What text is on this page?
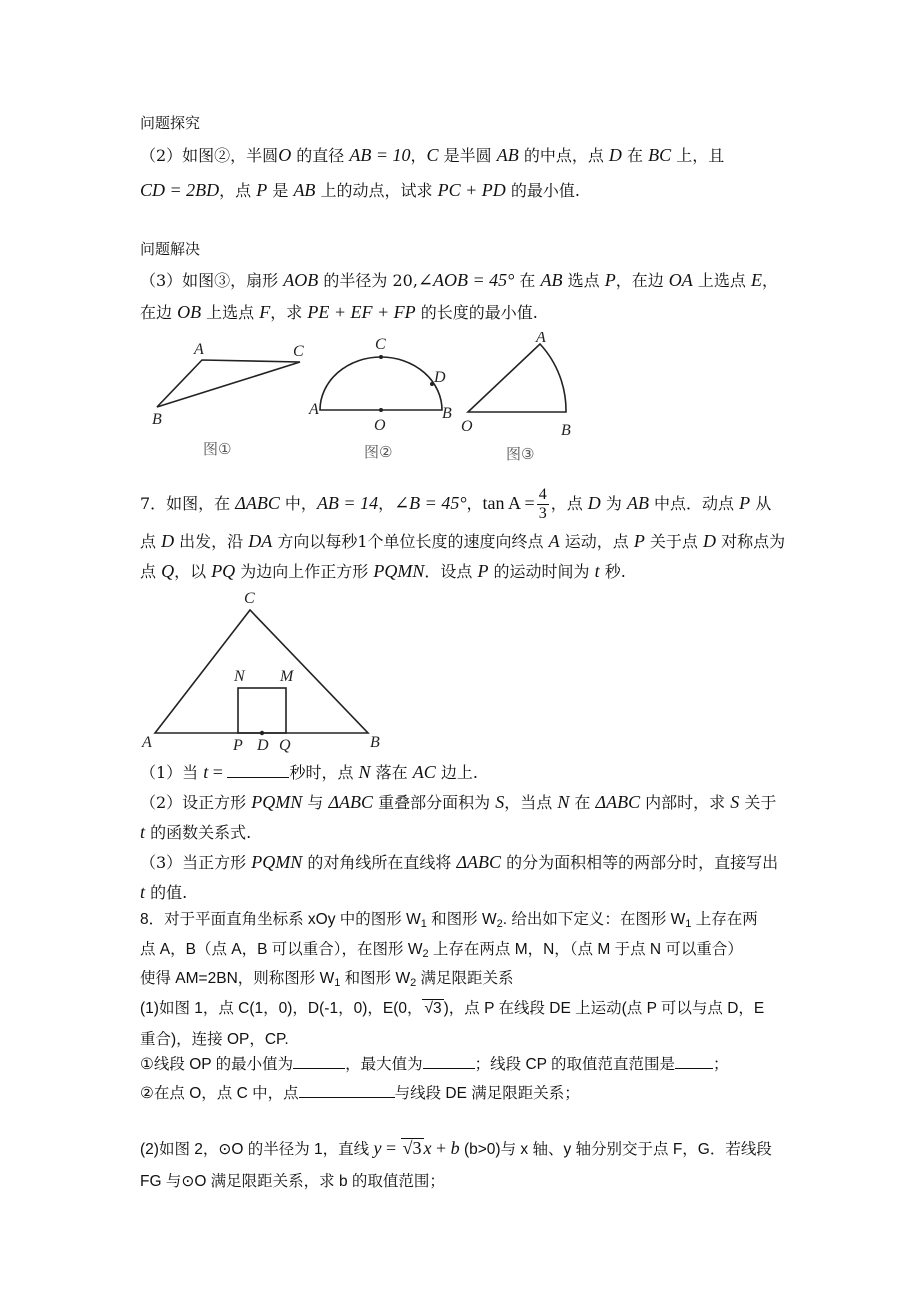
问题探究
（2）如图②，半圆O 的直径 AB = 10，C 是半圆 AB 的中点，点 D 在 BC 上，且
CD = 2BD，点 P 是 AB 上的动点，试求 PC + PD 的最小值.
问题解决
（3）如图③，扇形 AOB 的半径为 20,∠AOB = 45° 在 AB 选点 P，在边 OA 上选点 E，
在边 OB 上选点 F，求 PE + EF + FP 的长度的最小值.
A	C
B
图①
C
D
A
O
B
图②
A
O	B
图③
7．如图，在 ΔABC 中，AB = 14，∠B = 45°，$\tan A = \frac{4}{3}$ ，点 D 为 AB 中点．动点 P 从
点 D 出发，沿 DA 方向以每秒1个单位长度的速度向终点 A 运动，点 P 关于点 D 对称点为
点 Q，以 PQ 为边向上作正方形 PQMN．设点 P 的运动时间为 t 秒.
C
N M
A	P D Q	B
（1）当 t =	秒时，点 N 落在 AC 边上.
（2）设正方形 PQMN 与 ΔABC 重叠部分面积为 S，当点 N 在 ΔABC 内部时，求 S 关于
t 的函数关系式.
（3）当正方形 PQMN 的对角线所在直线将 ΔABC 的分为面积相等的两部分时，直接写出
t 的值.
8．对于平面直角坐标系 xOy 中的图形 $W_1$ 和图形 $W_2$. 给出如下定义：在图形 $W_1$ 上存在两
点 A，B（点 A，B 可以重合），在图形 $W_2$ 上存在两点 M，N，（点 M 于点 N 可以重合）
使得 AM=2BN，则称图形 $W_1$ 和图形 $W_2$ 满足限距关系
(1)如图 1，点 C(1，0)，D(-1，0)，E(0， √3 )，点 P 在线段 DE 上运动(点 P 可以与点 D，E
重合)，连接 OP，CP.
①线段 OP 的最小值为	，最大值为	；线段 CP 的取值范直范围是 ；
②在点 O，点 C 中，点	与线段 DE 满足限距关系；
(2)如图 2，⊙O 的半径为 1，直线 y = √3 x + b (b>0)与 x 轴、y 轴分别交于点 F，G．若线段
FG 与⊙O 满足限距关系，求 b 的取值范围；
